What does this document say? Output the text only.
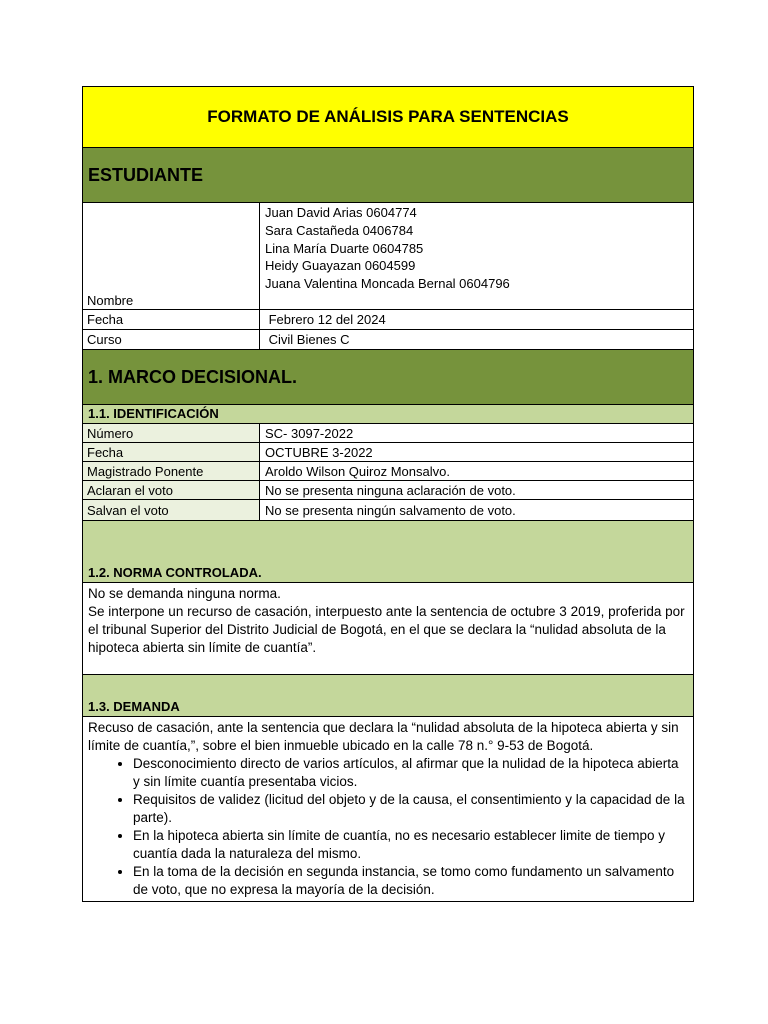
FORMATO DE ANÁLISIS PARA SENTENCIAS
ESTUDIANTE
Nombre
Juan David Arias 0604774
Sara Castañeda 0406784
Lina María Duarte 0604785
Heidy Guayazan 0604599
Juana Valentina Moncada Bernal 0604796
Fecha	Febrero 12 del 2024
Curso	Civil Bienes C
1. MARCO DECISIONAL.
1.1. IDENTIFICACIÓN
Número	SC- 3097-2022
Fecha	OCTUBRE 3-2022
Magistrado Ponente	Aroldo Wilson Quiroz Monsalvo.
Aclaran el voto	No se presenta ninguna aclaración de voto.
Salvan el voto	No se presenta ningún salvamento de voto.
1.2. NORMA CONTROLADA.

No se demanda ninguna norma.

Se interpone un recurso de casación, interpuesto ante la sentencia de octubre 3 2019, proferida por el tribunal Superior del Distrito Judicial de Bogotá, en el que se declara la “nulidad absoluta de la hipoteca abierta sin límite de cuantía”.

1.3. DEMANDA

Recuso de casación, ante la sentencia que declara la “nulidad absoluta de la hipoteca abierta y sin límite de cuantía,”, sobre el bien inmueble ubicado en la calle 78 n.° 9-53 de Bogotá.

• Desconocimiento directo de varios artículos, al afirmar que la nulidad de la hipoteca abierta y sin límite cuantía presentaba vicios.
• Requisitos de validez (licitud del objeto y de la causa, el consentimiento y la capacidad de la parte).
• En la hipoteca abierta sin límite de cuantía, no es necesario establecer limite de tiempo y cuantía dada la naturaleza del mismo.
• En la toma de la decisión en segunda instancia, se tomo como fundamento un salvamento de voto, que no expresa la mayoría de la decisión.
